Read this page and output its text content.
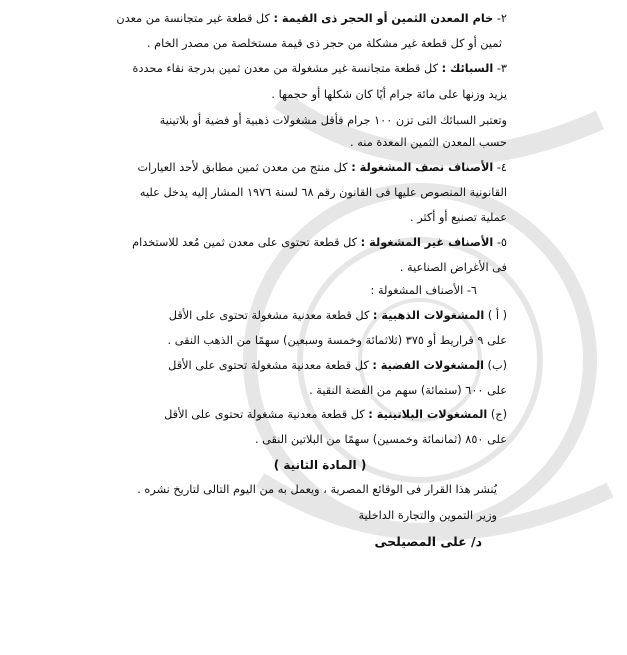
٢- خام المعدن الثمين أو الحجر ذى القيمة : كل قطعة غير متجانسة من معدن
ثمين أو كل قطعة غير مشكلة من حجر ذى قيمة مستخلصة من مصدر الخام .
٣- السبائك : كل قطعة متجانسة غير مشغولة من معدن ثمين بدرجة نقاء محددة
يزيد وزنها على مائة جرام أيًا كان شكلها أو حجمها .
وتعتبر السبائك التى تزن ١٠٠ جرام فأقل مشغولات ذهبية أو فضية أو بلاتينية
حسب المعدن الثمين المعدة منه .
٤- الأصناف نصف المشغولة : كل منتج من معدن ثمين مطابق لأحد العيارات
القانونية المنصوص عليها فى القانون رقم ٦٨ لسنة ١٩٧٦ المشار إليه يدخل عليه
عملية تصنيع أو أكثر .
٥- الأصناف غير المشغولة : كل قطعة تحتوى على معدن ثمين مُعد للاستخدام
فى الأغراض الصناعية .
٦- الأصناف المشغولة :
( أ ) المشغولات الذهبية : كل قطعة معدنية مشغولة تحتوى على الأقل
على ٩ قراريط أو ٣٧٥ (ثلاثمائة وخمسة وسبعين) سهمًا من الذهب النقى .
(ب) المشغولات الفضية : كل قطعة معدنية مشغولة تحتوى على الأقل
على ٦٠٠ (ستمائة) سهم من الفضة النقية .
(ج) المشغولات البلاتينية : كل قطعة معدنية مشغولة تحتوى على الأقل
على ٨٥٠ (ثمانمائة وخمسين) سهمًا من البلاتين النقى .
( المادة الثانية )
يُنشر هذا القرار فى الوقائع المصرية ، ويعمل به من اليوم التالى لتاريخ نشره .
وزير التموين والتجارة الداخلية
د/ على المصيلحى
